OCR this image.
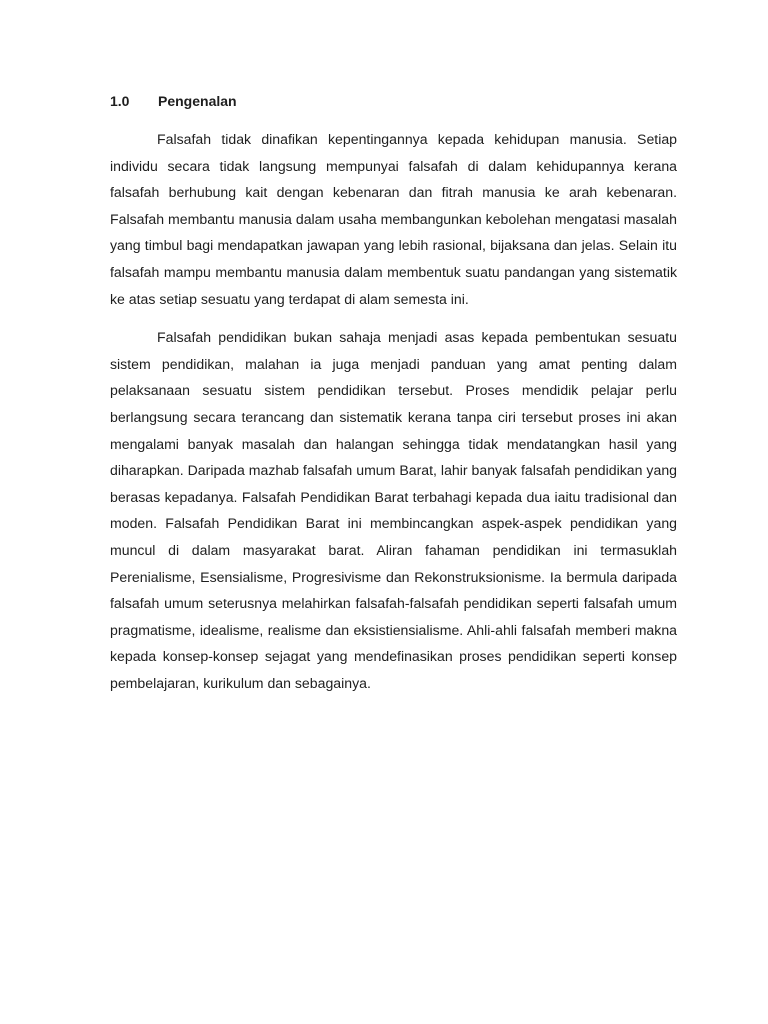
1.0	Pengenalan

Falsafah tidak dinafikan kepentingannya kepada kehidupan manusia. Setiap individu secara tidak langsung mempunyai falsafah di dalam kehidupannya kerana falsafah berhubung kait dengan kebenaran dan fitrah manusia ke arah kebenaran. Falsafah membantu manusia dalam usaha membangunkan kebolehan mengatasi masalah yang timbul bagi mendapatkan jawapan yang lebih rasional, bijaksana dan jelas. Selain itu falsafah mampu membantu manusia dalam membentuk suatu pandangan yang sistematik ke atas setiap sesuatu yang terdapat di alam semesta ini.

Falsafah pendidikan bukan sahaja menjadi asas kepada pembentukan sesuatu sistem pendidikan, malahan ia juga menjadi panduan yang amat penting dalam pelaksanaan sesuatu sistem pendidikan tersebut. Proses mendidik pelajar perlu berlangsung secara terancang dan sistematik kerana tanpa ciri tersebut proses ini akan mengalami banyak masalah dan halangan sehingga tidak mendatangkan hasil yang diharapkan. Daripada mazhab falsafah umum Barat, lahir banyak falsafah pendidikan yang berasas kepadanya. Falsafah Pendidikan Barat terbahagi kepada dua iaitu tradisional dan moden. Falsafah Pendidikan Barat ini membincangkan aspek-aspek pendidikan yang muncul di dalam masyarakat barat. Aliran fahaman pendidikan ini termasuklah Perenialisme, Esensialisme, Progresivisme dan Rekonstruksionisme. Ia bermula daripada falsafah umum seterusnya melahirkan falsafah-falsafah pendidikan seperti falsafah umum pragmatisme, idealisme, realisme dan eksistiensialisme. Ahli-ahli falsafah memberi makna kepada konsep-konsep sejagat yang mendefinasikan proses pendidikan seperti konsep pembelajaran, kurikulum dan sebagainya.
